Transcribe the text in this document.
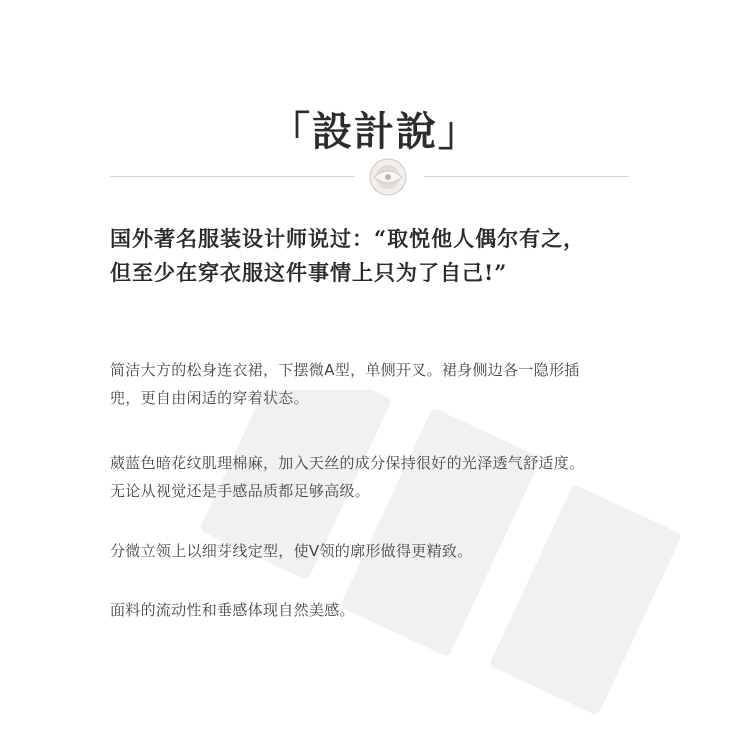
「設計說」
国外著名服装设计师说过：“取悦他人偶尔有之，
但至少在穿衣服这件事情上只为了自己!”
简洁大方的松身连衣裙，下摆微A型，单侧开叉。裙身侧边各一隐形插
兜，更自由闲适的穿着状态。
葳蓝色暗花纹肌理棉麻，加入天丝的成分保持很好的光泽透气舒适度。
无论从视觉还是手感品质都足够高级。
分微立领上以细芽线定型，使V领的廓形做得更精致。
面料的流动性和垂感体现自然美感。
